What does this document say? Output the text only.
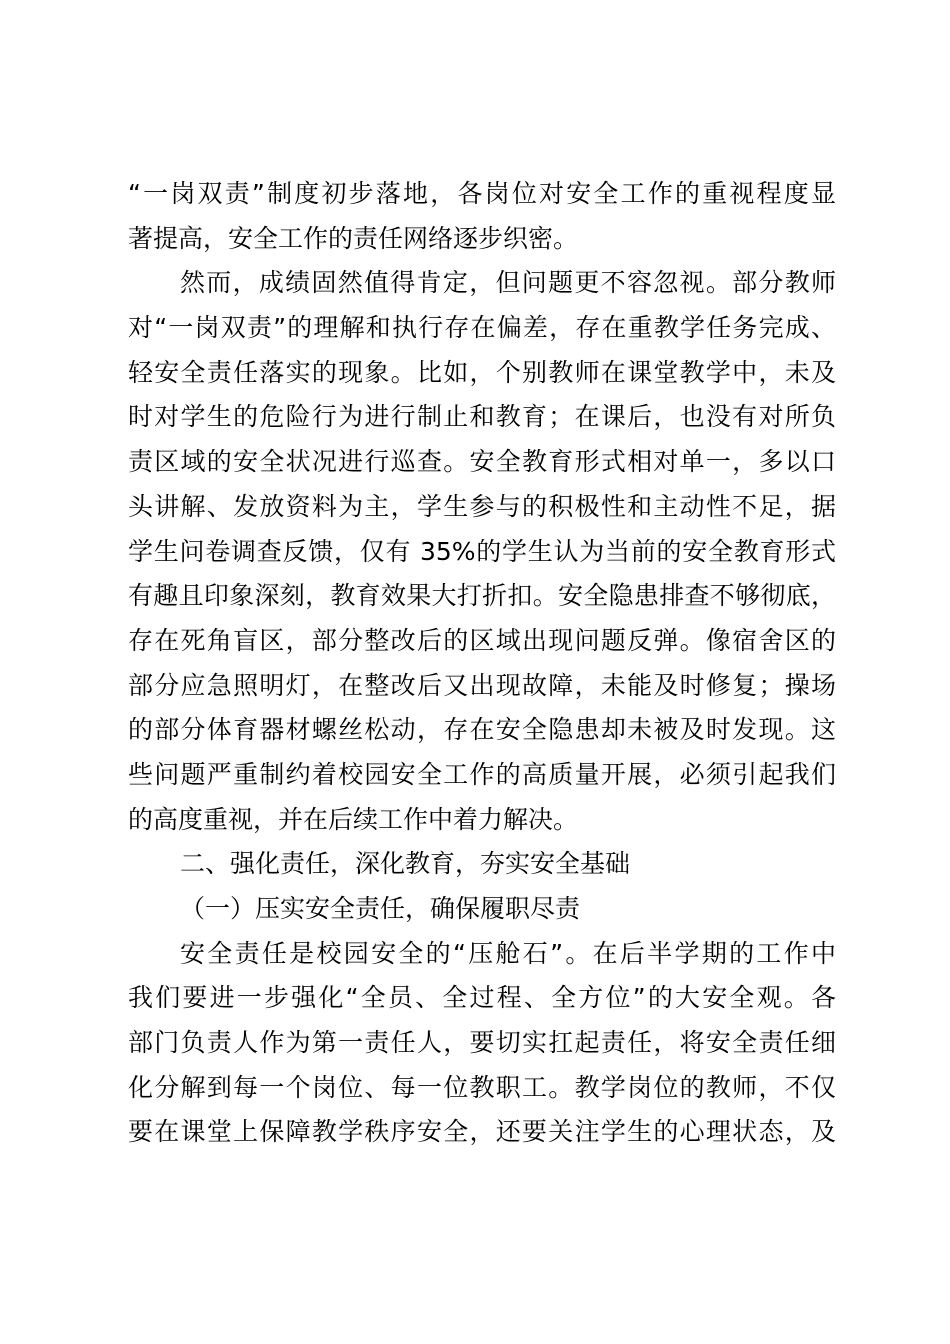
“一岗双责”制度初步落地，各岗位对安全工作的重视程度显
著提高，安全工作的责任网络逐步织密。
然而，成绩固然值得肯定，但问题更不容忽视。部分教师
对“一岗双责”的理解和执行存在偏差，存在重教学任务完成、
轻安全责任落实的现象。比如，个别教师在课堂教学中，未及
时对学生的危险行为进行制止和教育；在课后，也没有对所负
责区域的安全状况进行巡查。安全教育形式相对单一，多以口
头讲解、发放资料为主，学生参与的积极性和主动性不足，据
学生问卷调查反馈，仅有 35%的学生认为当前的安全教育形式
有趣且印象深刻，教育效果大打折扣。安全隐患排查不够彻底，
存在死角盲区，部分整改后的区域出现问题反弹。像宿舍区的
部分应急照明灯，在整改后又出现故障，未能及时修复；操场
的部分体育器材螺丝松动，存在安全隐患却未被及时发现。这
些问题严重制约着校园安全工作的高质量开展，必须引起我们
的高度重视，并在后续工作中着力解决。
二、强化责任，深化教育，夯实安全基础
（一）压实安全责任，确保履职尽责
安全责任是校园安全的“压舱石”。在后半学期的工作中
我们要进一步强化“全员、全过程、全方位”的大安全观。各
部门负责人作为第一责任人，要切实扛起责任，将安全责任细
化分解到每一个岗位、每一位教职工。教学岗位的教师，不仅
要在课堂上保障教学秩序安全，还要关注学生的心理状态，及
